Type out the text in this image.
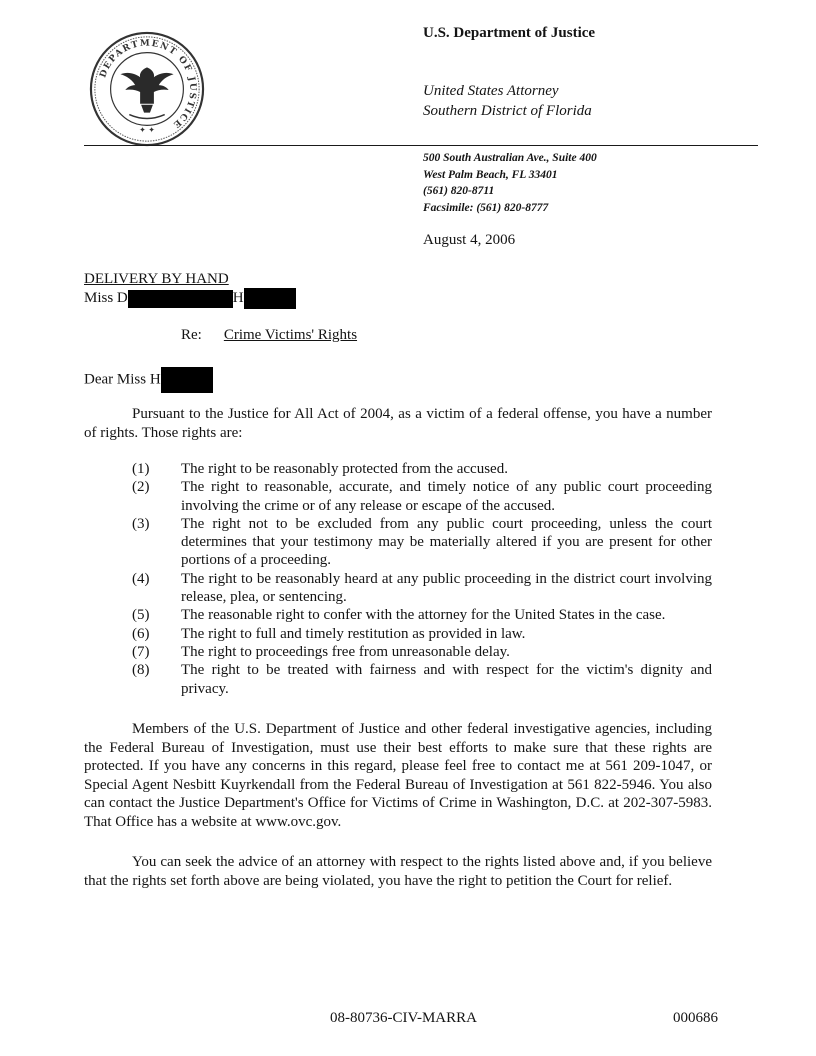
DEPARTMENT OF JUSTICE
✦ ✦
U.S. Department of Justice
United States Attorney
Southern District of Florida
500 South Australian Ave., Suite 400
West Palm Beach, FL 33401
(561) 820-8711
Facsimile: (561) 820-8777
August 4, 2006
DELIVERY BY HAND
Miss D	H
Re: Crime Victims' Rights
Dear Miss H

Pursuant to the Justice for All Act of 2004, as a victim of a federal offense, you have a number of rights. Those rights are:

(1)	The right to be reasonably protected from the accused.
(2)	The right to reasonable, accurate, and timely notice of any public court proceeding involving the crime or of any release or escape of the accused.
(3)	The right not to be excluded from any public court proceeding, unless the court determines that your testimony may be materially altered if you are present for other portions of a proceeding.
(4)	The right to be reasonably heard at any public proceeding in the district court involving release, plea, or sentencing.
(5)	The reasonable right to confer with the attorney for the United States in the case.
(6)	The right to full and timely restitution as provided in law.
(7)	The right to proceedings free from unreasonable delay.
(8)	The right to be treated with fairness and with respect for the victim's dignity and privacy.

Members of the U.S. Department of Justice and other federal investigative agencies, including the Federal Bureau of Investigation, must use their best efforts to make sure that these rights are protected. If you have any concerns in this regard, please feel free to contact me at 561 209-1047, or Special Agent Nesbitt Kuyrkendall from the Federal Bureau of Investigation at 561 822-5946. You also can contact the Justice Department's Office for Victims of Crime in Washington, D.C. at 202-307-5983. That Office has a website at www.ovc.gov.

You can seek the advice of an attorney with respect to the rights listed above and, if you believe that the rights set forth above are being violated, you have the right to petition the Court for relief.

08-80736-CIV-MARRA	000686
